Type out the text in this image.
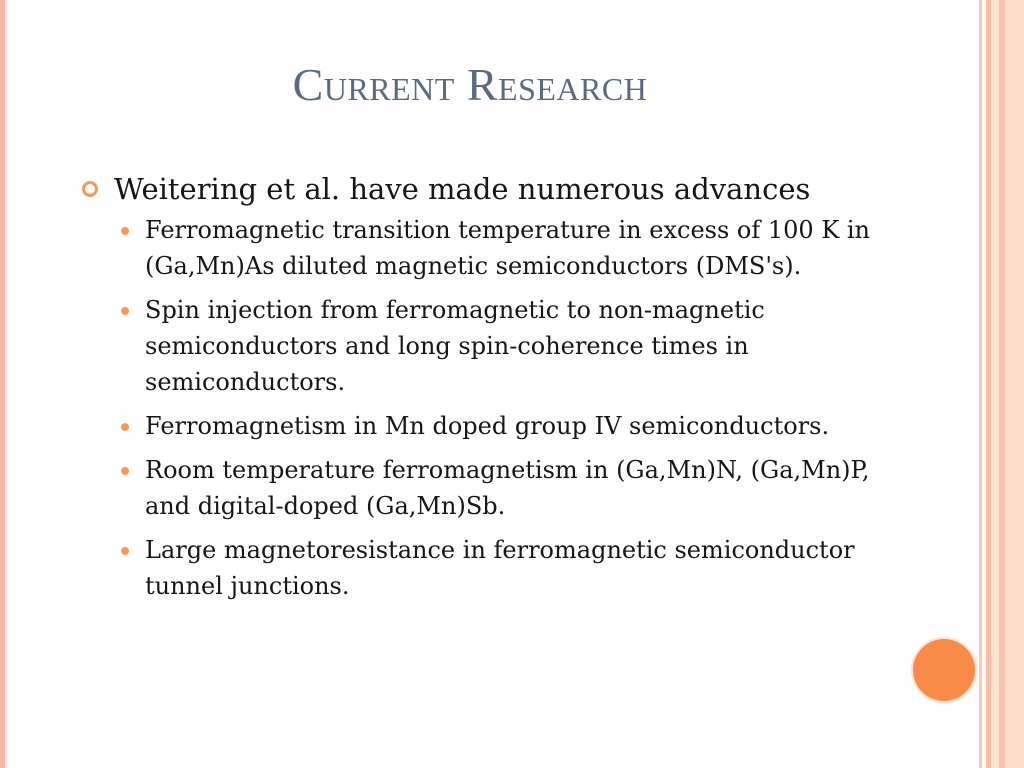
Current Research
Weitering et al. have made numerous advances
Ferromagnetic transition temperature in excess of 100 K in (Ga,Mn)As diluted magnetic semiconductors (DMS's).
Spin injection from ferromagnetic to non-magnetic semiconductors and long spin-coherence times in semiconductors.
Ferromagnetism in Mn doped group IV semiconductors.
Room temperature ferromagnetism in (Ga,Mn)N, (Ga,Mn)P, and digital-doped (Ga,Mn)Sb.
Large magnetoresistance in ferromagnetic semiconductor tunnel junctions.
